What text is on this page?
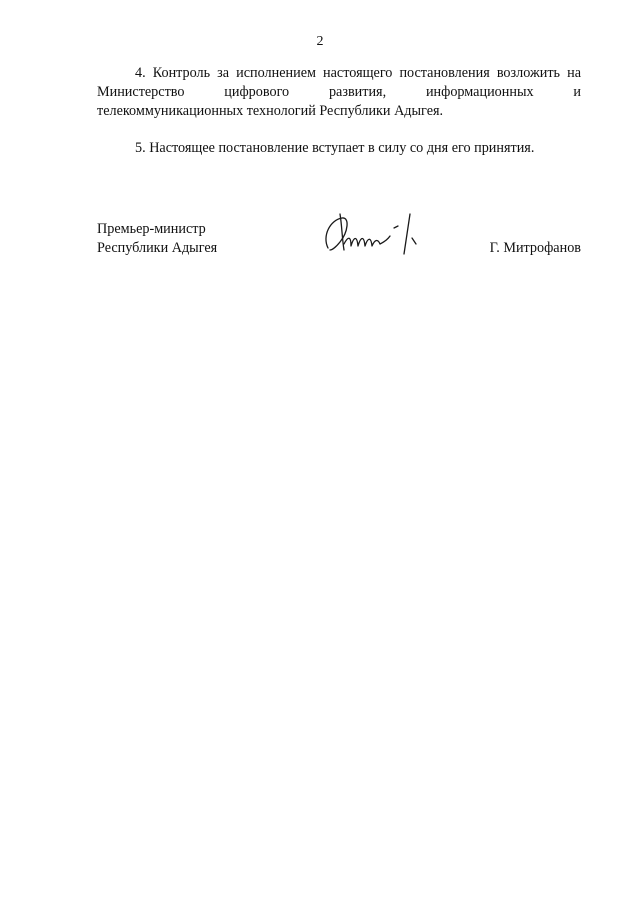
2

4. Контроль за исполнением настоящего постановления возложить на Министерство цифрового развития, информационных и телекоммуникационных технологий Республики Адыгея.

5. Настоящее постановление вступает в силу со дня его принятия.

Премьер-министр
Республики Адыгея	Г. Митрофанов
